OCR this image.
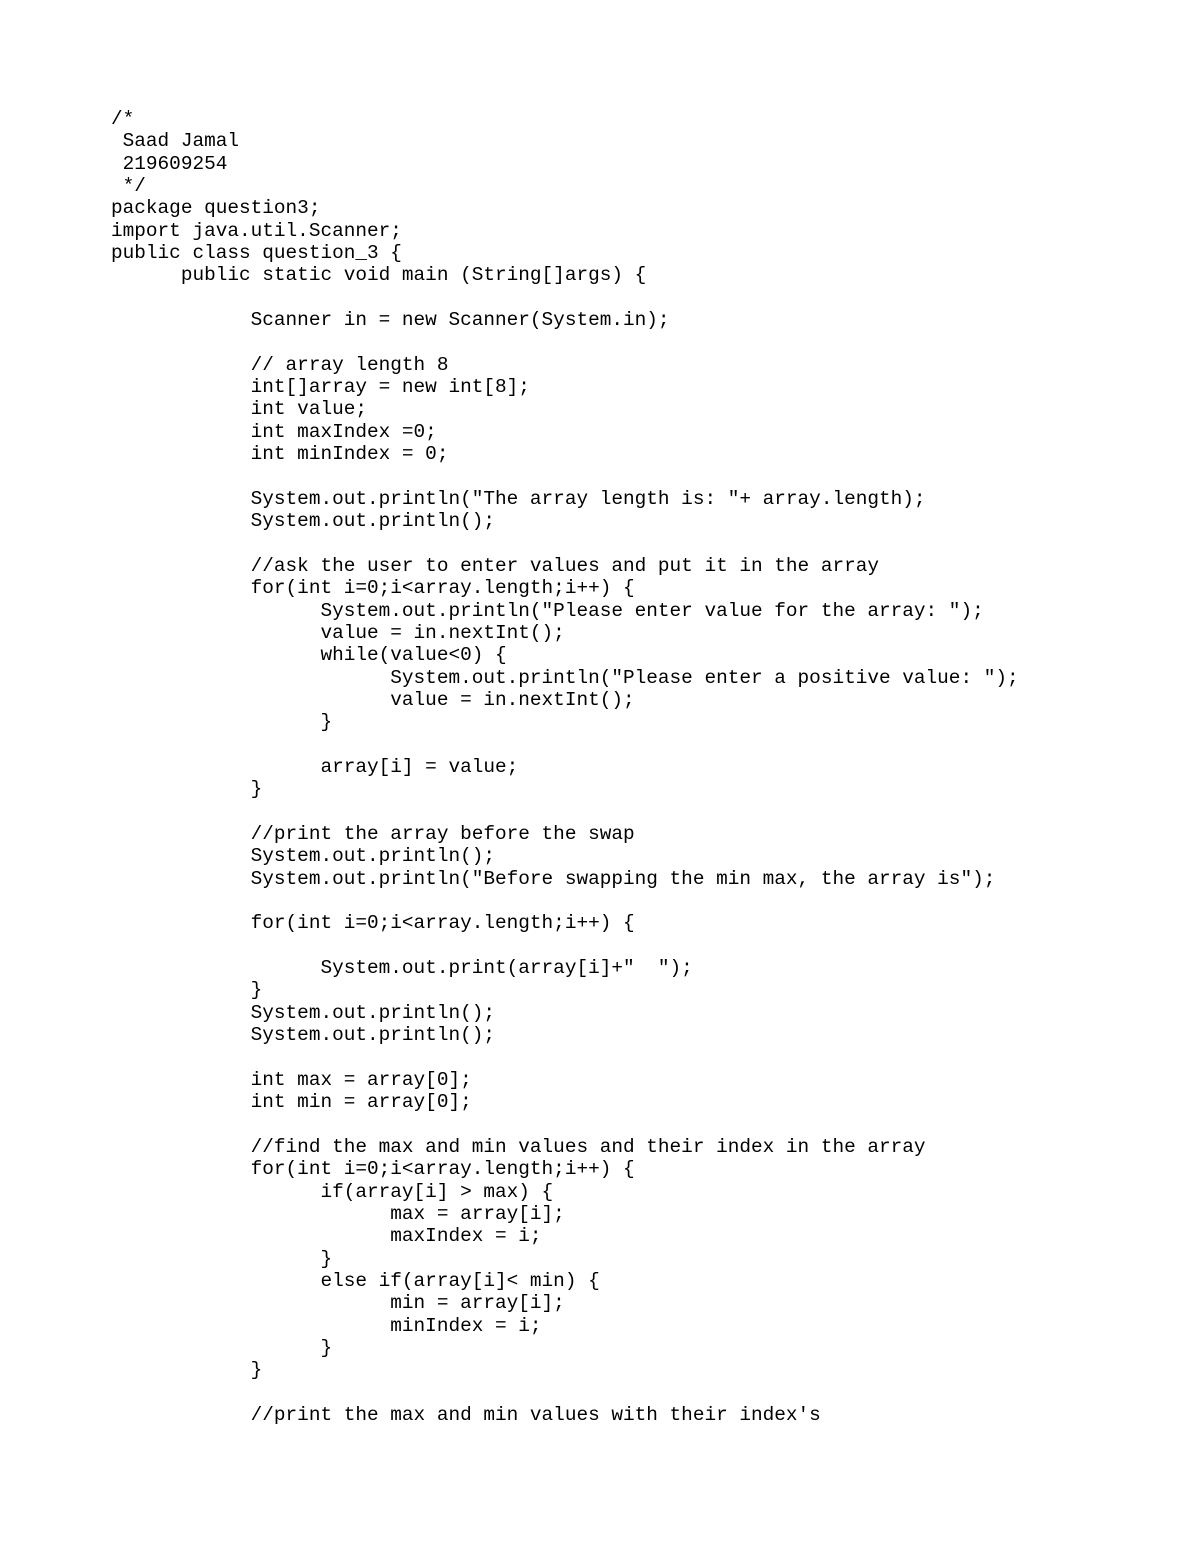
/*
Saad Jamal
219609254
*/
package question3;
import java.util.Scanner;
public class question_3 {
public static void main (String[]args) {
Scanner in = new Scanner(System.in);
// array length 8
int[]array = new int[8];
int value;
int maxIndex =0;
int minIndex = 0;
System.out.println("The array length is: "+ array.length);
System.out.println();
//ask the user to enter values and put it in the array
for(int i=0;i<array.length;i++) {
System.out.println("Please enter value for the array: ");
value = in.nextInt();
while(value<0) {
System.out.println("Please enter a positive value: ");
value = in.nextInt();
}
array[i] = value;
}
//print the array before the swap
System.out.println();
System.out.println("Before swapping the min max, the array is");
for(int i=0;i<array.length;i++) {
System.out.print(array[i]+"  ");
}
System.out.println();
System.out.println();
int max = array[0];
int min = array[0];
//find the max and min values and their index in the array
for(int i=0;i<array.length;i++) {
if(array[i] > max) {
max = array[i];
maxIndex = i;
}
else if(array[i]< min) {
min = array[i];
minIndex = i;
}
}
//print the max and min values with their index's
